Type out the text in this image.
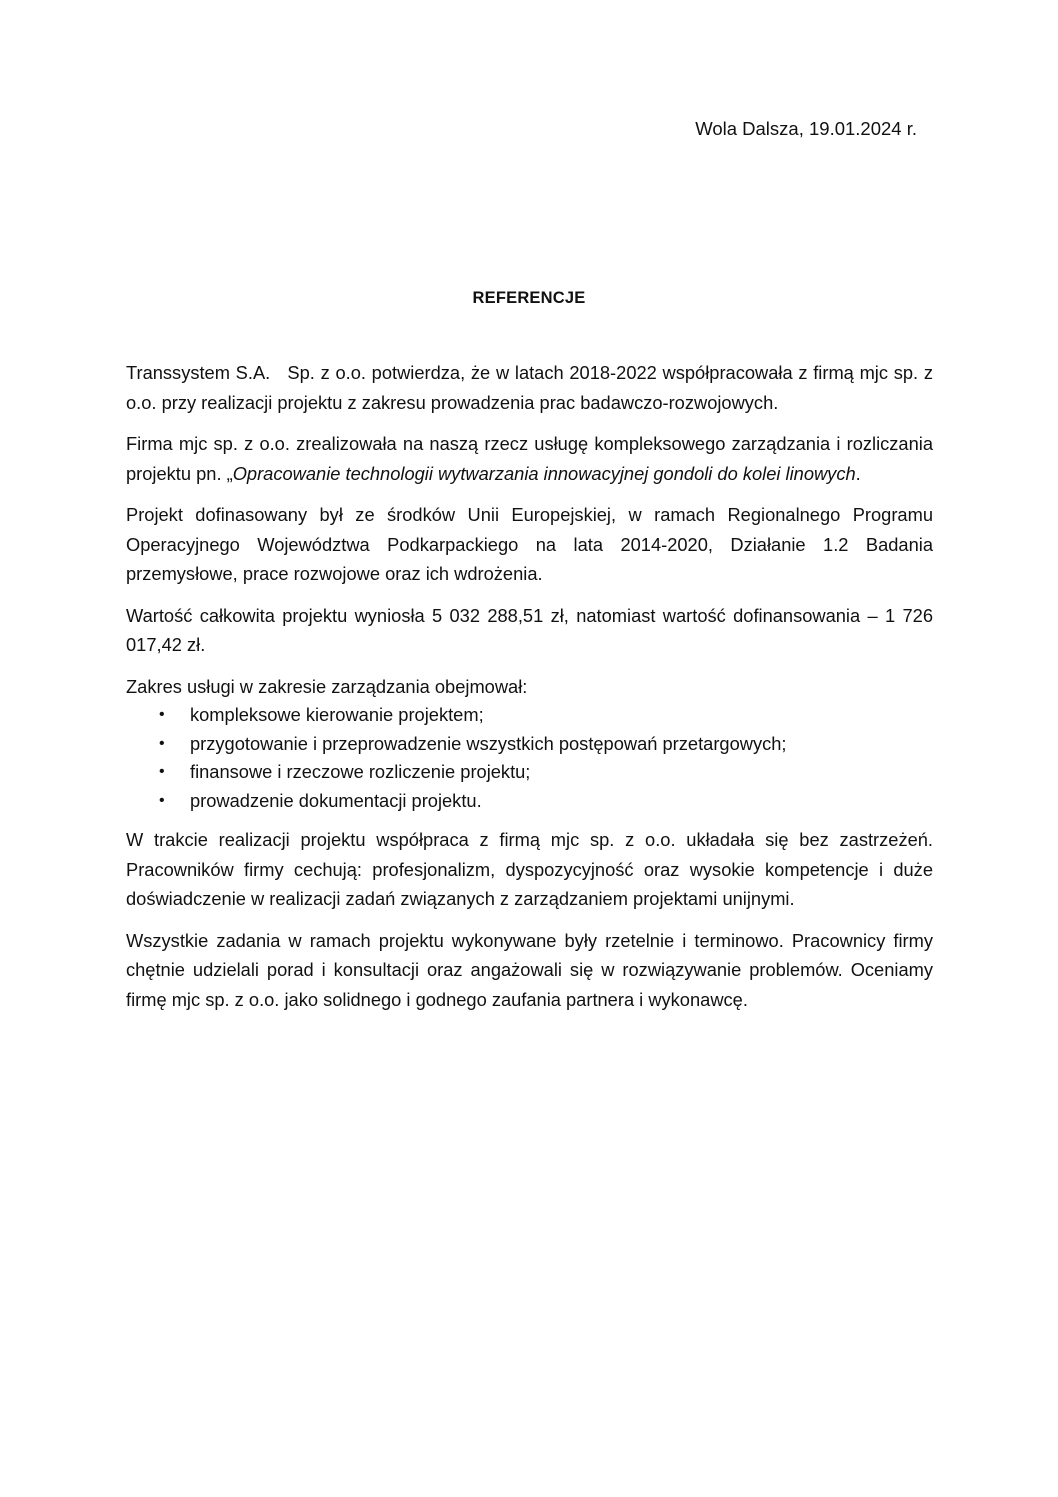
Wola Dalsza, 19.01.2024 r.
REFERENCJE

Transsystem S.A.   Sp. z o.o. potwierdza, że w latach 2018-2022 współpracowała z firmą mjc sp. z o.o. przy realizacji projektu z zakresu prowadzenia prac badawczo-rozwojowych.

Firma mjc sp. z o.o. zrealizowała na naszą rzecz usługę kompleksowego zarządzania i rozliczania projektu pn. „Opracowanie technologii wytwarzania innowacyjnej gondoli do kolei linowych.

Projekt dofinasowany był ze środków Unii Europejskiej, w ramach Regionalnego Programu Operacyjnego Województwa Podkarpackiego na lata 2014-2020, Działanie 1.2 Badania przemysłowe, prace rozwojowe oraz ich wdrożenia.

Wartość całkowita projektu wyniosła 5 032 288,51 zł, natomiast wartość dofinansowania – 1 726 017,42 zł.

Zakres usługi w zakresie zarządzania obejmował:

• kompleksowe kierowanie projektem;
• przygotowanie i przeprowadzenie wszystkich postępowań przetargowych;
• finansowe i rzeczowe rozliczenie projektu;
• prowadzenie dokumentacji projektu.

W trakcie realizacji projektu współpraca z firmą mjc sp. z o.o. układała się bez zastrzeżeń. Pracowników firmy cechują: profesjonalizm, dyspozycyjność oraz wysokie kompetencje i duże doświadczenie w realizacji zadań związanych z zarządzaniem projektami unijnymi.

Wszystkie zadania w ramach projektu wykonywane były rzetelnie i terminowo. Pracownicy firmy chętnie udzielali porad i konsultacji oraz angażowali się w rozwiązywanie problemów. Oceniamy firmę mjc sp. z o.o. jako solidnego i godnego zaufania partnera i wykonawcę.
